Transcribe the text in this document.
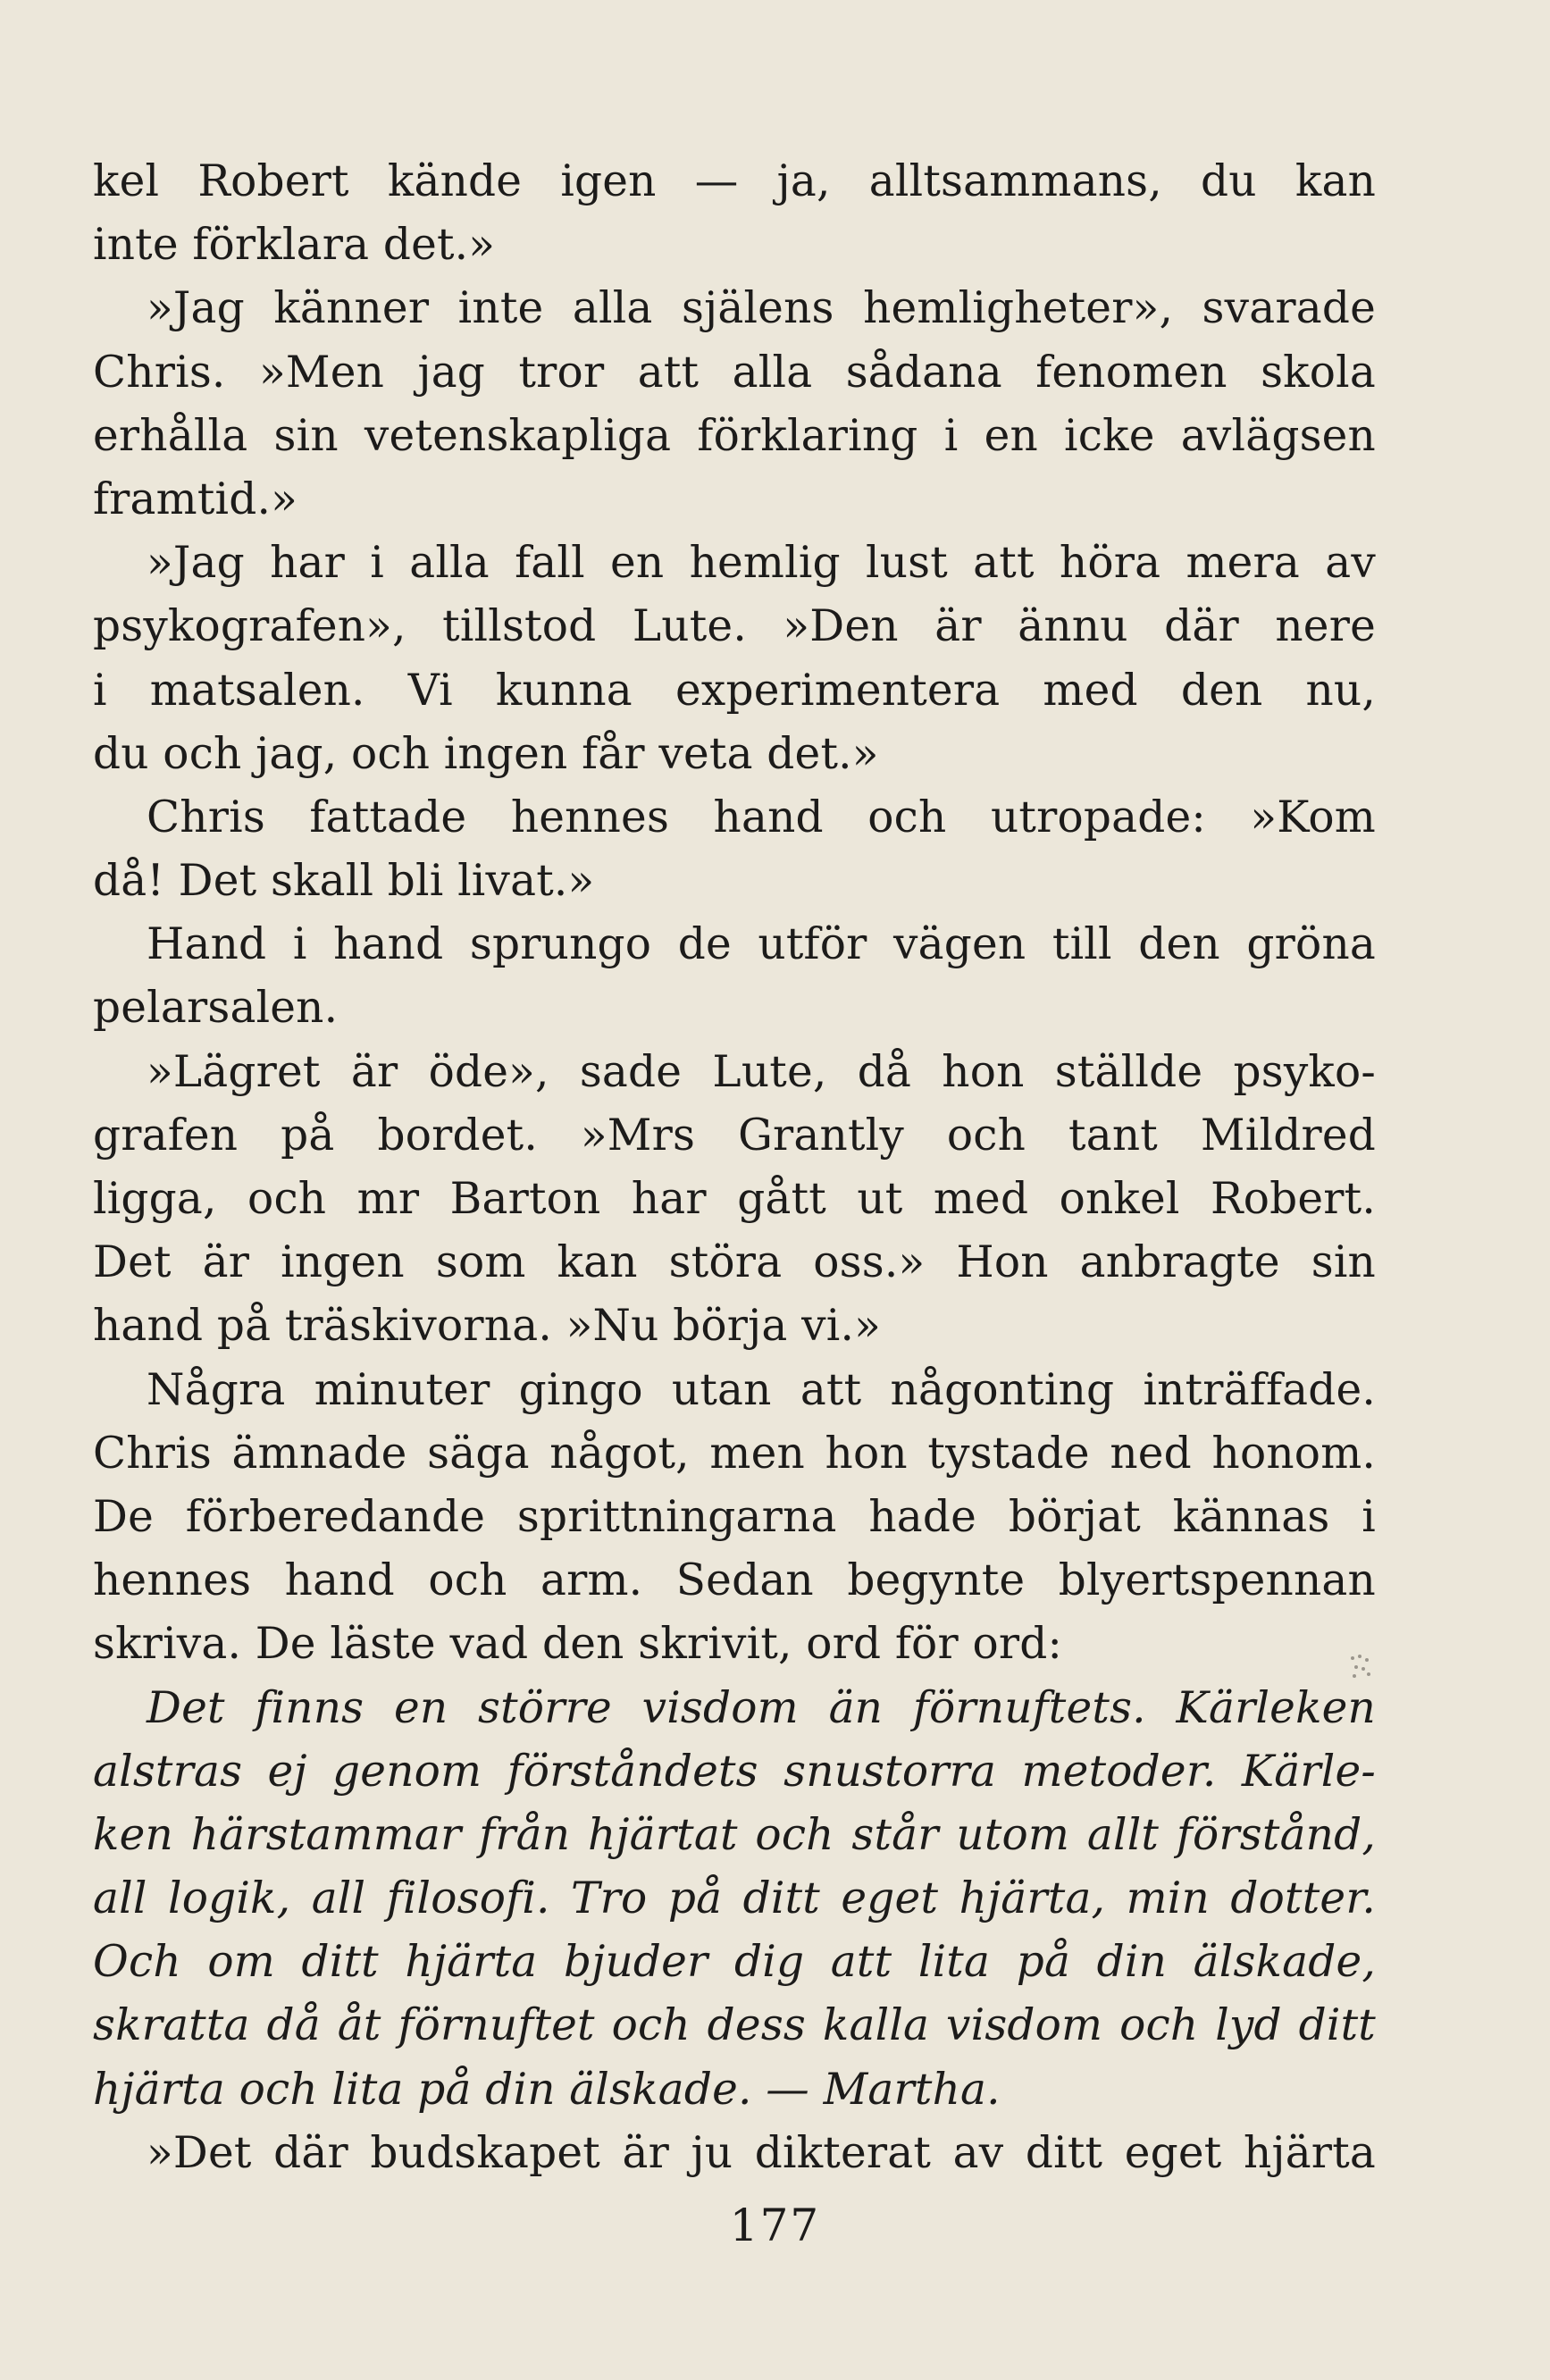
kel Robert kände igen — ja, alltsammans, du kan
inte förklara det.»
»Jag känner inte alla själens hemligheter», svarade
Chris. »Men jag tror att alla sådana fenomen skola
erhålla sin vetenskapliga förklaring i en icke avlägsen
framtid.»
»Jag har i alla fall en hemlig lust att höra mera av
psykografen», tillstod Lute. »Den är ännu där nere
i matsalen. Vi kunna experimentera med den nu,
du och jag, och ingen får veta det.»
Chris fattade hennes hand och utropade: »Kom
då! Det skall bli livat.»
Hand i hand sprungo de utför vägen till den gröna
pelarsalen.
»Lägret är öde», sade Lute, då hon ställde psyko-
grafen på bordet. »Mrs Grantly och tant Mildred
ligga, och mr Barton har gått ut med onkel Robert.
Det är ingen som kan störa oss.» Hon anbragte sin
hand på träskivorna. »Nu börja vi.»
Några minuter gingo utan att någonting inträffade.
Chris ämnade säga något, men hon tystade ned honom.
De förberedande sprittningarna hade börjat kännas i
hennes hand och arm. Sedan begynte blyertspennan
skriva. De läste vad den skrivit, ord för ord:
Det finns en större visdom än förnuftets. Kärleken
alstras ej genom förståndets snustorra metoder. Kärle-
ken härstammar från hjärtat och står utom allt förstånd,
all logik, all filosofi. Tro på ditt eget hjärta, min dotter.
Och om ditt hjärta bjuder dig att lita på din älskade,
skratta då åt förnuftet och dess kalla visdom och lyd ditt
hjärta och lita på din älskade. — Martha.
»Det där budskapet är ju dikterat av ditt eget hjärta
177
